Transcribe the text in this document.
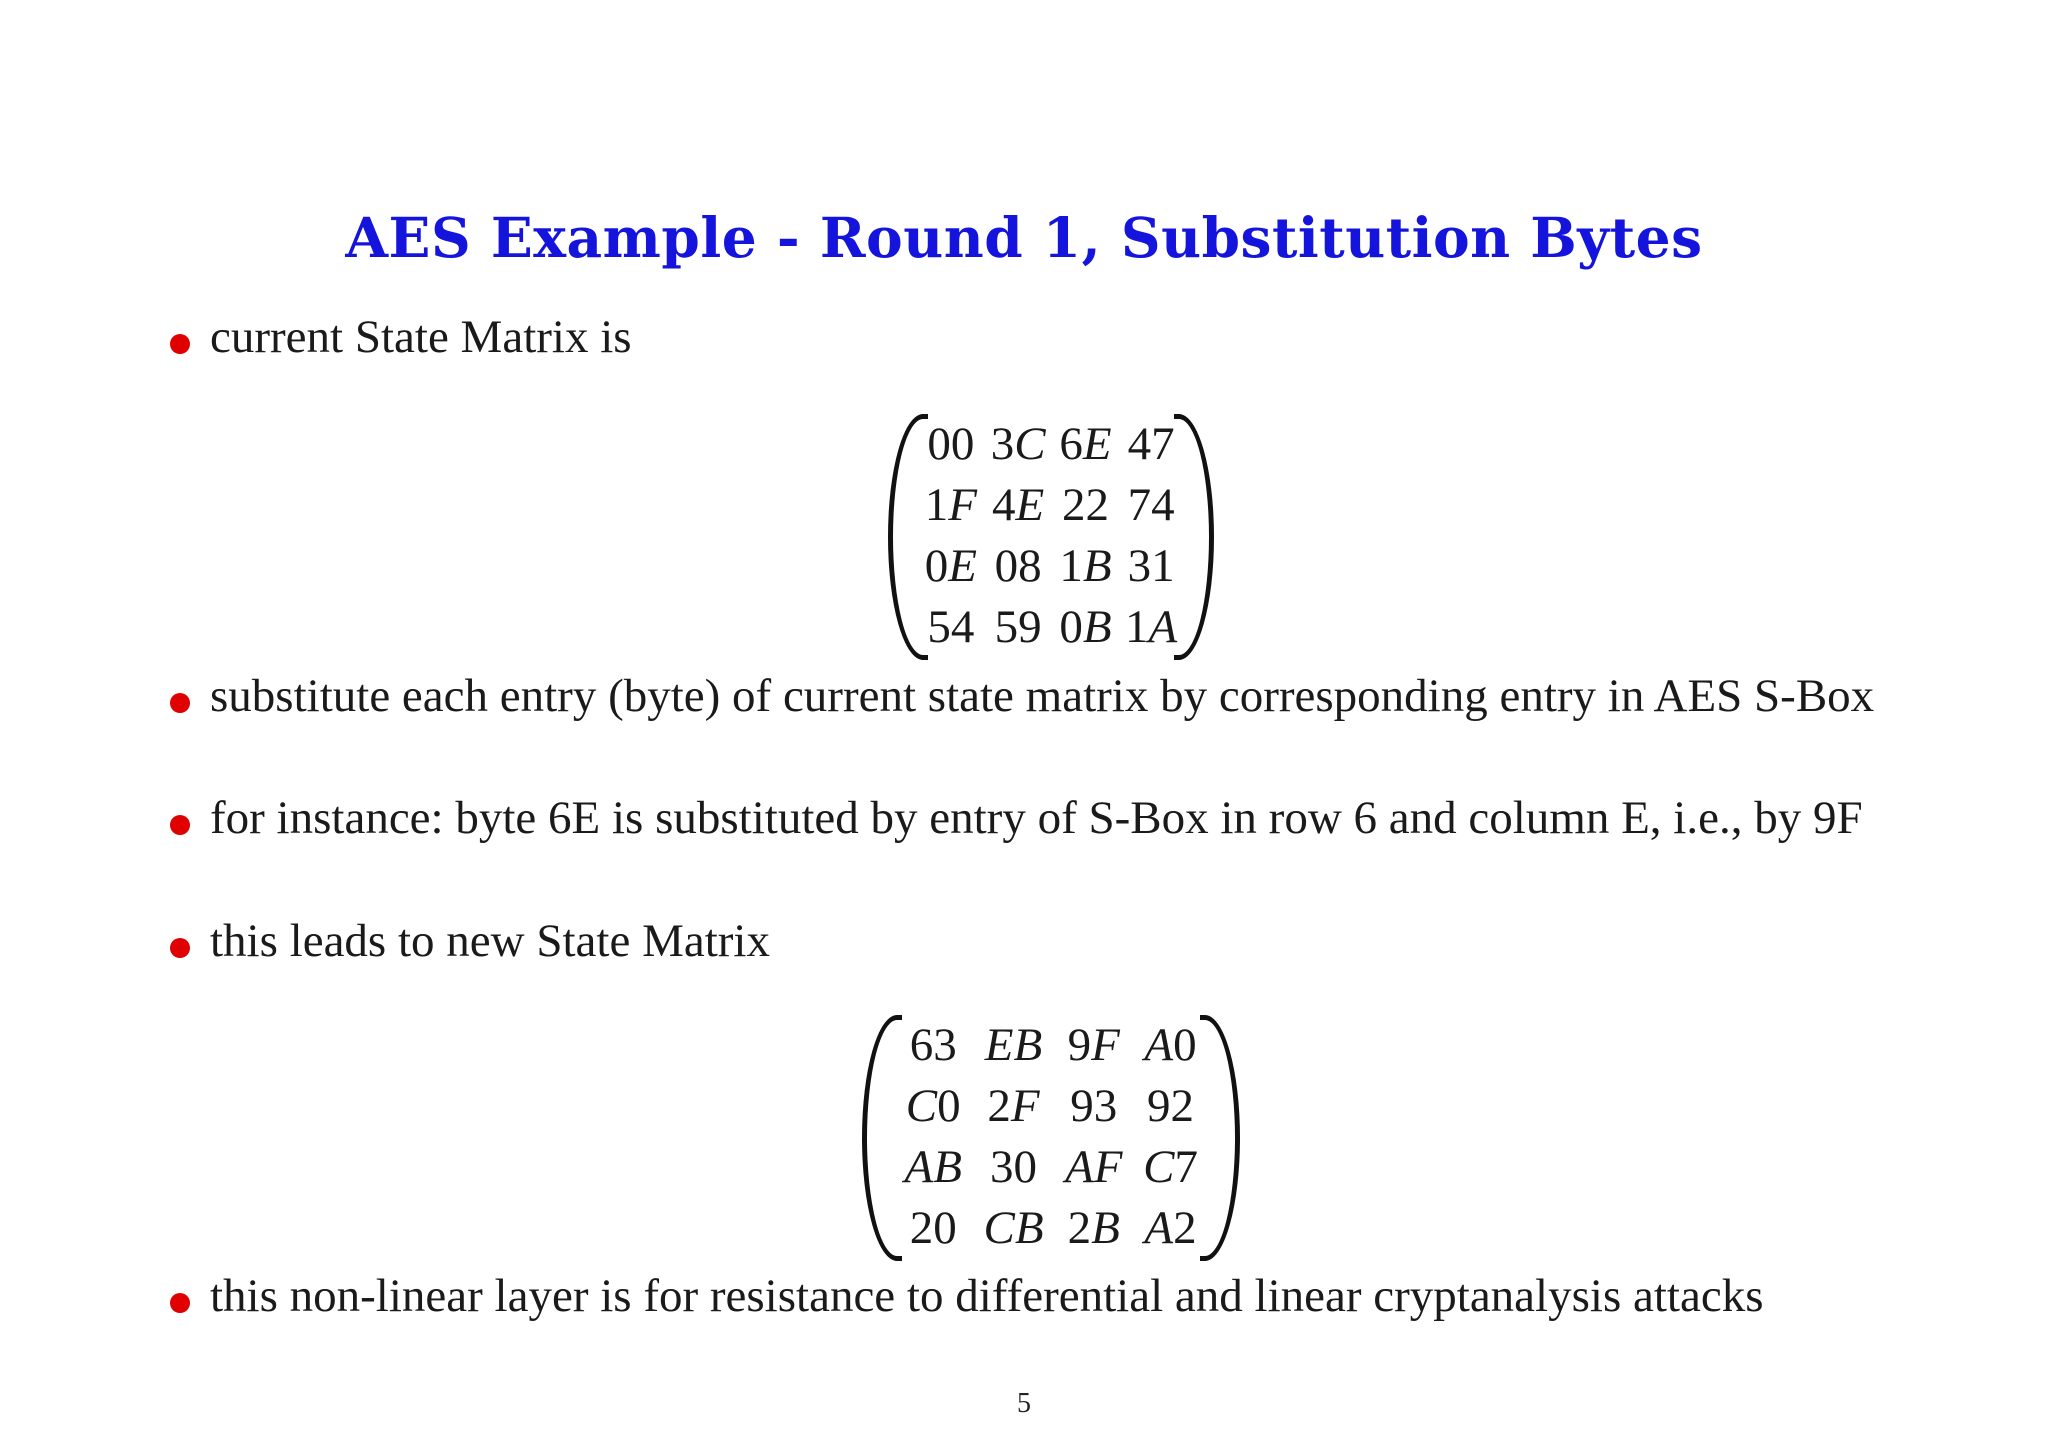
AES Example - Round 1, Substitution Bytes
current State Matrix is
00	3C	6E	47
1F	4E	22	74
0E	08	1B	31
54	59	0B	1A
substitute each entry (byte) of current state matrix by corresponding entry in AES S-Box
for instance: byte 6E is substituted by entry of S-Box in row 6 and column E, i.e., by 9F
this leads to new State Matrix
63	EB	9F	A0
C0	2F	93	92
AB	30	AF	C7
20	CB	2B	A2
this non-linear layer is for resistance to differential and linear cryptanalysis attacks
5
